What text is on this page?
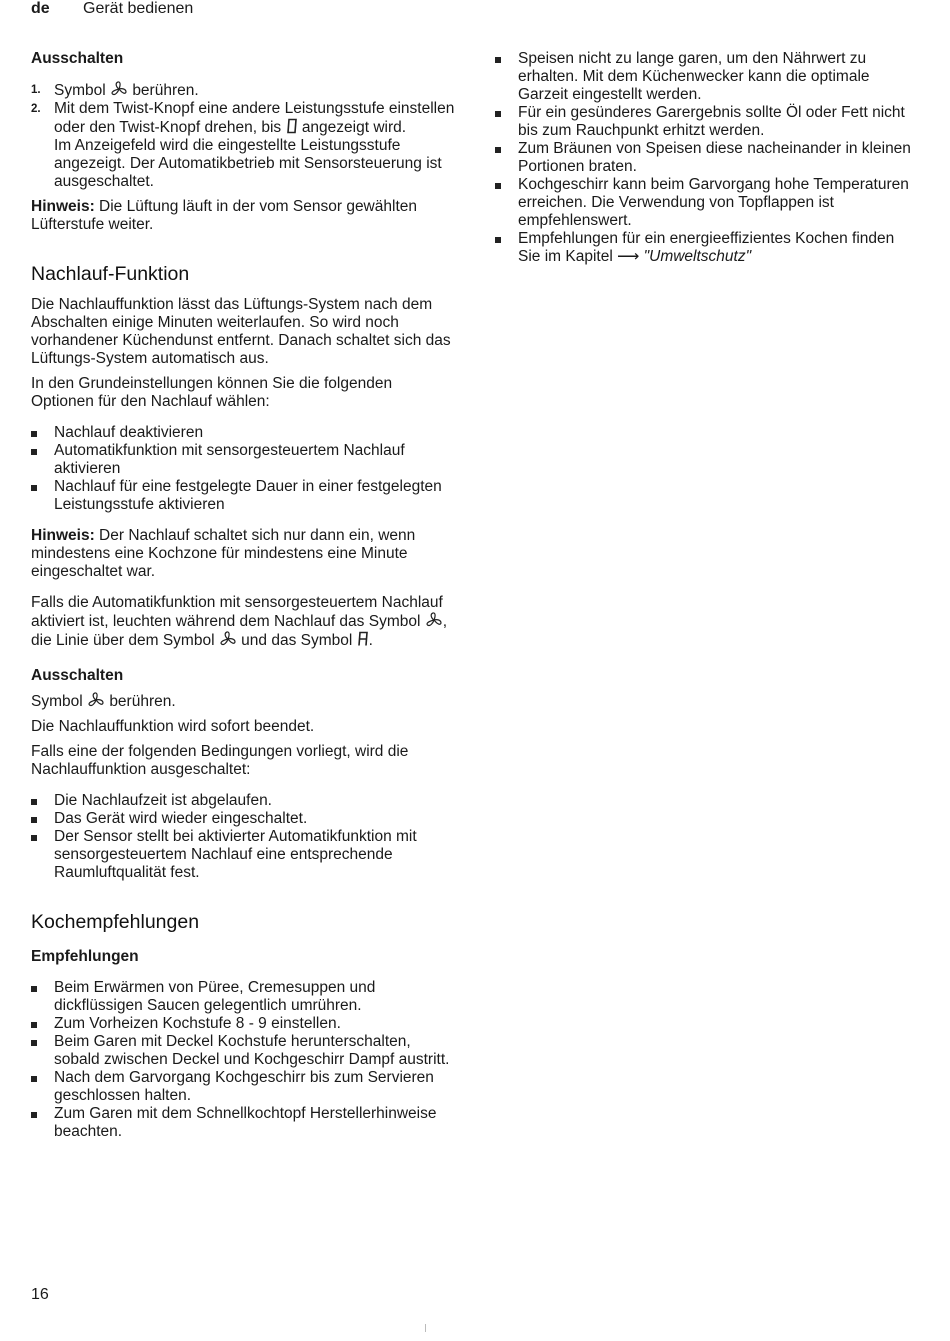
de Gerät bedienen

Ausschalten

1. Symbol berühren.
2. Mit dem Twist-Knopf eine andere Leistungsstufe einstellen oder den Twist-Knopf drehen, bis angezeigt wird.
Im Anzeigefeld wird die eingestellte Leistungsstufe angezeigt. Der Automatikbetrieb mit Sensorsteuerung ist ausgeschaltet.

Hinweis: Die Lüftung läuft in der vom Sensor gewählten Lüfterstufe weiter.

Nachlauf-Funktion

Die Nachlauffunktion lässt das Lüftungs-System nach dem Abschalten einige Minuten weiterlaufen. So wird noch vorhandener Küchendunst entfernt. Danach schaltet sich das Lüftungs-System automatisch aus.

In den Grundeinstellungen können Sie die folgenden Optionen für den Nachlauf wählen:

Nachlauf deaktivieren
Automatikfunktion mit sensorgesteuertem Nachlauf aktivieren
Nachlauf für eine festgelegte Dauer in einer festgelegten Leistungsstufe aktivieren

Hinweis: Der Nachlauf schaltet sich nur dann ein, wenn mindestens eine Kochzone für mindestens eine Minute eingeschaltet war.

Falls die Automatikfunktion mit sensorgesteuertem Nachlauf aktiviert ist, leuchten während dem Nachlauf das Symbol , die Linie über dem Symbol und das Symbol .

Ausschalten

Symbol berühren.

Die Nachlauffunktion wird sofort beendet.

Falls eine der folgenden Bedingungen vorliegt, wird die Nachlauffunktion ausgeschaltet:

Die Nachlaufzeit ist abgelaufen.
Das Gerät wird wieder eingeschaltet.
Der Sensor stellt bei aktivierter Automatikfunktion mit sensorgesteuertem Nachlauf eine entsprechende Raumluftqualität fest.

Kochempfehlungen

Empfehlungen

Beim Erwärmen von Püree, Cremesuppen und dickflüssigen Saucen gelegentlich umrühren.
Zum Vorheizen Kochstufe 8 - 9 einstellen.
Beim Garen mit Deckel Kochstufe herunterschalten, sobald zwischen Deckel und Kochgeschirr Dampf austritt.
Nach dem Garvorgang Kochgeschirr bis zum Servieren geschlossen halten.
Zum Garen mit dem Schnellkochtopf Herstellerhinweise beachten.
Speisen nicht zu lange garen, um den Nährwert zu erhalten. Mit dem Küchenwecker kann die optimale Garzeit eingestellt werden.
Für ein gesünderes Garergebnis sollte Öl oder Fett nicht bis zum Rauchpunkt erhitzt werden.
Zum Bräunen von Speisen diese nacheinander in kleinen Portionen braten.
Kochgeschirr kann beim Garvorgang hohe Temperaturen erreichen. Die Verwendung von Topflappen ist empfehlenswert.
Empfehlungen für ein energieeffizientes Kochen finden Sie im Kapitel ⟶ "Umweltschutz"
16
